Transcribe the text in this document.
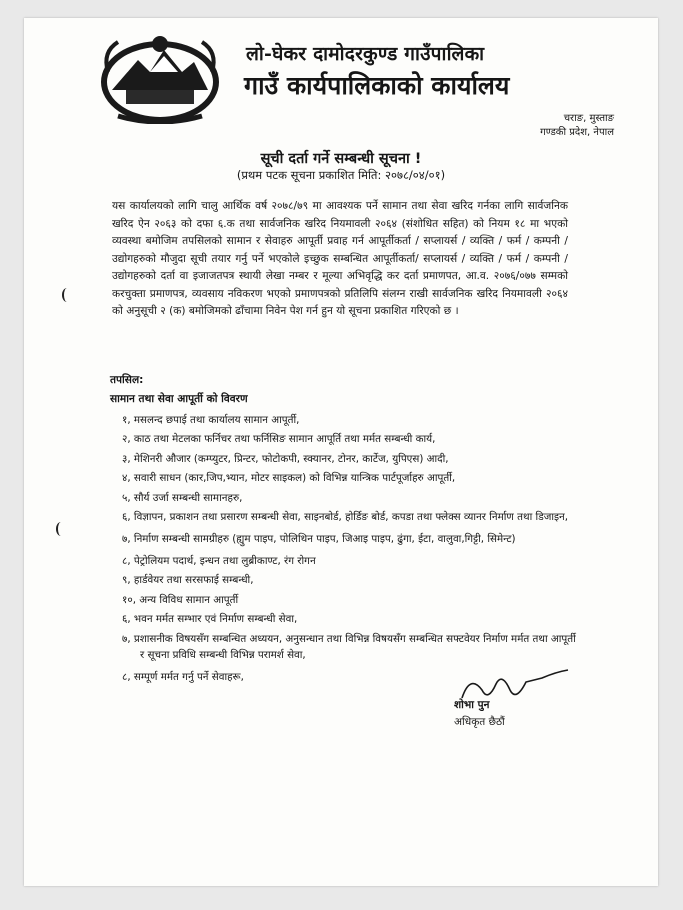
लो-घेकर दामोदरकुण्ड गाउँपालिका
गाउँ कार्यपालिकाको कार्यालय
चराङ, मुस्ताङ
गण्डकी प्रदेश, नेपाल
सूची दर्ता गर्ने सम्बन्धी सूचना !
(प्रथम पटक सूचना प्रकाशित मिति: २०७८/०४/०१)

यस कार्यालयको लागि चालु आर्थिक वर्ष २०७८/७९ मा आवश्यक पर्ने सामान तथा सेवा खरिद गर्नका लागि सार्वजनिक खरिद ऐन २०६३ को दफा ६.क तथा सार्वजनिक खरिद नियमावली २०६४ (संशोधित सहित) को नियम १८ मा भएको व्यवस्था बमोजिम तपसिलको सामान र सेवाहरु आपूर्ती प्रवाह गर्न आपूर्तीकर्ता / सप्लायर्स / व्यक्ति / फर्म / कम्पनी / उद्योगहरुको मौजुदा सूची तयार गर्नु पर्ने भएकोले इच्छुक सम्बन्धित आपूर्तीकर्ता/ सप्लायर्स / व्यक्ति / फर्म / कम्पनी / उद्योगहरुको दर्ता वा इजाजतपत्र स्थायी लेखा नम्बर र मूल्या अभिवृद्धि कर दर्ता प्रमाणपत, आ.व. २०७६/०७७ सम्मको करचुक्ता प्रमाणपत्र, व्यवसाय नविकरण भएको प्रमाणपत्रको प्रतिलिपि संलग्न राखी सार्वजनिक खरिद नियमावली २०६४ को अनुसूची २ (क) बमोजिमको ढाँचामा निवेन पेश गर्न हुन यो सूचना प्रकाशित गरिएको छ ।

तपसिल:
सामान तथा सेवा आपूर्ती को विवरण
१, मसलन्द छपाई तथा कार्यालय सामान आपूर्ती,
२, काठ तथा मेटलका फर्निचर तथा फर्निसिङ सामान आपूर्ति तथा मर्मत सम्बन्धी कार्य,
३, मेशिनरी औजार (कम्प्युटर, प्रिन्टर, फोटोकपी, स्क्यानर, टोनर, कार्टेज, युपिएस) आदी,
४, सवारी साधन (कार,जिप,भ्यान, मोटर साइकल) को विभिन्न यान्त्रिक पार्टपूर्जाहरु आपूर्ती,
५, सौर्य उर्जा सम्बन्धी सामानहरु,
६, विज्ञापन, प्रकाशन तथा प्रसारण सम्बन्धी सेवा, साइनबोर्ड, होर्डिङ बोर्ड, कपडा तथा फ्लेक्स व्यानर निर्माण तथा डिजाइन,
७, निर्माण सम्बन्धी सामग्रीहरु (ह्युम पाइप, पोलिथिन पाइप, जिआइ पाइप, ढुंगा, ईटा, वालुवा,गिट्टी, सिमेन्ट)
८, पेट्रोलियम पदार्थ, इन्धन तथा लुब्रीकाण्ट, रंग रोगन
९, हार्डवेयर तथा सरसफाई सम्बन्धी,
१०, अन्य विविध सामान आपूर्ती
६, भवन मर्मत सम्भार एवं निर्माण सम्बन्धी सेवा,
७, प्रशासनीक विषयसँग सम्बन्धित अध्ययन, अनुसन्धान तथा विभिन्न विषयसँग सम्बन्धित सफ्टवेयर निर्माण मर्मत तथा आपूर्ती र सूचना प्रविधि सम्बन्धी विभिन्न परामर्श सेवा,
८, सम्पूर्ण मर्मत गर्नु पर्ने सेवाहरू,
शोभा पुन
अधिकृत छैठौं
